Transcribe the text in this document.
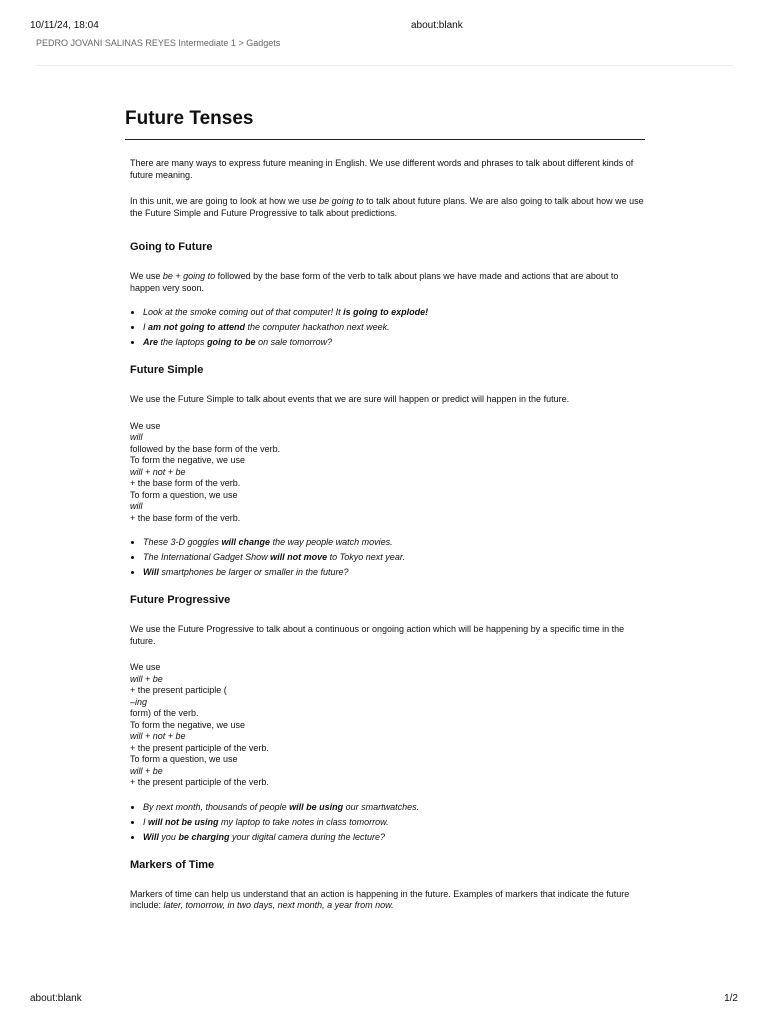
10/11/24, 18:04	about:blank
PEDRO JOVANI SALINAS REYES Intermediate 1 > Gadgets
Future Tenses

There are many ways to express future meaning in English. We use different words and phrases to talk about different kinds of future meaning.

In this unit, we are going to look at how we use be going to to talk about future plans. We are also going to talk about how we use the Future Simple and Future Progressive to talk about predictions.

Going to Future

We use be + going to followed by the base form of the verb to talk about plans we have made and actions that are about to happen very soon.

• Look at the smoke coming out of that computer! It is going to explode!
• I am not going to attend the computer hackathon next week.
• Are the laptops going to be on sale tomorrow?
Future Simple

We use the Future Simple to talk about events that we are sure will happen or predict will happen in the future.

We use
will
followed by the base form of the verb.
To form the negative, we use
will + not + be
+ the base form of the verb.
To form a question, we use
will
+ the base form of the verb.

• These 3-D goggles will change the way people watch movies.
• The International Gadget Show will not move to Tokyo next year.
• Will smartphones be larger or smaller in the future?
Future Progressive

We use the Future Progressive to talk about a continuous or ongoing action which will be happening by a specific time in the future.

We use
will + be
+ the present participle (
–ing
form) of the verb.
To form the negative, we use
will + not + be
+ the present participle of the verb.
To form a question, we use
will + be
+ the present participle of the verb.

• By next month, thousands of people will be using our smartwatches.
• I will not be using my laptop to take notes in class tomorrow.
• Will you be charging your digital camera during the lecture?
Markers of Time

Markers of time can help us understand that an action is happening in the future. Examples of markers that indicate the future include: later, tomorrow, in two days, next month, a year from now.

about:blank	1/2
